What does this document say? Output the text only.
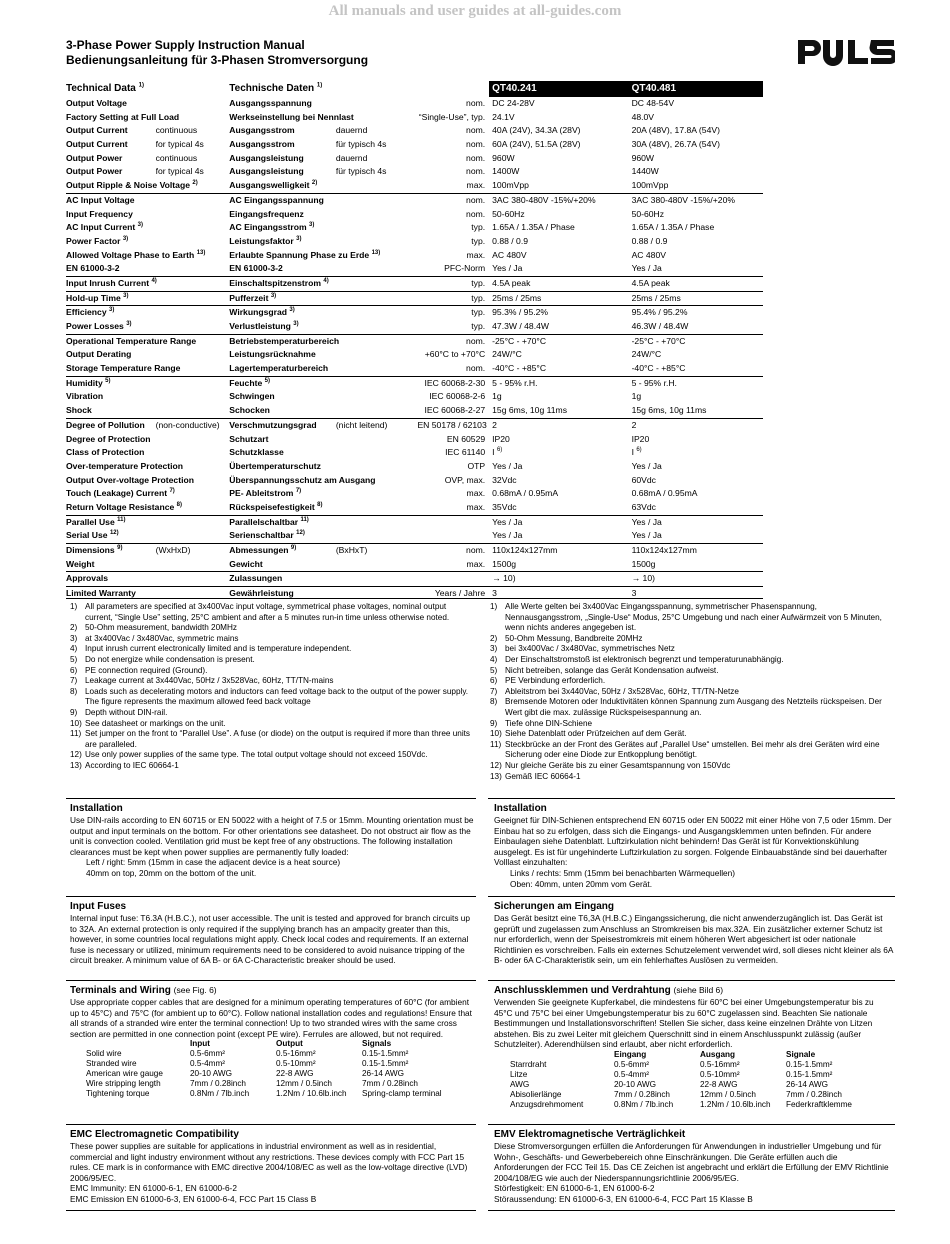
All manuals and user guides at all-guides.com
3-Phase Power Supply Instruction Manual
Bedienungsanleitung für 3-Phasen Stromversorgung
Technical Data $^{1)}$	Technische Daten $^{1)}$	QT40.241	QT40.481
Output Voltage	Ausgangsspannung	nom. DC 24-28V	DC 48-54V
Factory Setting at Full Load	Werkseinstellung bei Nennlast	“Single-Use”, typ. 24.1V	48.0V
Output Current	continuous	Ausgangsstrom	dauernd	nom. 40A (24V), 34.3A (28V)	20A (48V), 17.8A (54V)
Output Current	for typical 4s	Ausgangsstrom	für typisch 4s	nom. 60A (24V), 51.5A (28V)	30A (48V), 26.7A (54V)
Output Power	continuous	Ausgangsleistung	dauernd	nom. 960W	960W
Output Power	for typical 4s	Ausgangsleistung	für typisch 4s	nom. 1400W	1440W
Output Ripple & Noise Voltage $^{2)}$	Ausgangswelligkeit $^{2)}$	max. 100mVpp	100mVpp
AC Input Voltage	AC Eingangsspannung	nom. 3AC 380-480V -15%/+20%	3AC 380-480V -15%/+20%
Input Frequency	Eingangsfrequenz	nom. 50-60Hz	50-60Hz
AC Input Current $^{3)}$	AC Eingangsstrom $^{3)}$	typ. 1.65A / 1.35A / Phase	1.65A / 1.35A / Phase
Power Factor $^{3)}$	Leistungsfaktor $^{3)}$	typ. 0.88 / 0.9	0.88 / 0.9
Allowed Voltage Phase to Earth $^{13)}$	Erlaubte Spannung Phase zu Erde $^{13)}$	max. AC 480V	AC 480V
EN 61000-3-2	EN 61000-3-2	PFC-Norm Yes / Ja	Yes / Ja
Input Inrush Current $^{4)}$	Einschaltspitzenstrom $^{4)}$	typ. 4.5A peak	4.5A peak
Hold-up Time $^{3)}$	Pufferzeit $^{3)}$	typ. 25ms / 25ms	25ms / 25ms
Efficiency $^{3)}$	Wirkungsgrad $^{3)}$	typ. 95.3% / 95.2%	95.4% / 95.2%
Power Losses $^{3)}$	Verlustleistung $^{3)}$	typ. 47.3W / 48.4W	46.3W / 48.4W
Operational Temperature Range	Betriebstemperaturbereich	nom. -25°C - +70°C	-25°C - +70°C
Output Derating	Leistungsrücknahme	+60°C to +70°C 24W/°C	24W/°C
Storage Temperature Range	Lagertemperaturbereich	nom. -40°C - +85°C	-40°C - +85°C
Humidity $^{5)}$	Feuchte $^{5)}$	IEC 60068-2-30 5 - 95% r.H.	5 - 95% r.H.
Vibration	Schwingen	IEC 60068-2-6 1g	1g
Shock	Schocken	IEC 60068-2-27 15g 6ms, 10g 11ms	15g 6ms, 10g 11ms
Degree of Pollution	(non-conductive)	Verschmutzungsgrad	(nicht leitend)	EN 50178 / 62103 2	2
Degree of Protection	Schutzart	EN 60529 IP20	IP20
Class of Protection	Schutzklasse	IEC 61140 I $^{6)}$	I $^{6)}$
Over-temperature Protection	Übertemperaturschutz	OTP Yes / Ja	Yes / Ja
Output Over-voltage Protection	Überspannungsschutz am Ausgang	OVP, max. 32Vdc	60Vdc
Touch (Leakage) Current $^{7)}$	PE- Ableitstrom $^{7)}$	max. 0.68mA / 0.95mA	0.68mA / 0.95mA
Return Voltage Resistance $^{8)}$	Rückspeisefestigkeit $^{8)}$	max. 35Vdc	63Vdc
Parallel Use $^{11)}$	Parallelschaltbar $^{11)}$	Yes / Ja	Yes / Ja
Serial Use $^{12)}$	Serienschaltbar $^{12)}$	Yes / Ja	Yes / Ja
Dimensions $^{9)}$	(WxHxD)	Abmessungen $^{9)}$	(BxHxT)	nom. 110x124x127mm	110x124x127mm
Weight	Gewicht	max. 1500g	1500g
Approvals	Zulassungen	→ 10)	→ 10)
Limited Warranty	Gewährleistung	Years / Jahre 3	3
1) All parameters are specified at 3x400Vac input voltage, symmetrical phase voltages, nominal output current, “Single Use” setting, 25°C ambient and after a 5 minutes run-in time unless otherwise noted.
2) 50-Ohm measurement, bandwidth 20MHz
3) at 3x400Vac / 3x480Vac, symmetric mains
4) Input inrush current electronically limited and is temperature independent.
5) Do not energize while condensation is present.
6) PE connection required (Ground).
7) Leakage current at 3x440Vac, 50Hz / 3x528Vac, 60Hz, TT/TN-mains
8) Loads such as decelerating motors and inductors can feed voltage back to the output of the power supply. The figure represents the maximum allowed feed back voltage
9) Depth without DIN-rail.
10) See datasheet or markings on the unit.
11) Set jumper on the front to “Parallel Use”. A fuse (or diode) on the output is required if more than three units are paralleled.
12) Use only power supplies of the same type. The total output voltage should not exceed 150Vdc.
13) According to IEC 60664-1
1) Alle Werte gelten bei 3x400Vac Eingangsspannung, symmetrischer Phasenspannung, Nennausgangsstrom, „Single-Use“ Modus, 25°C Umgebung und nach einer Aufwärmzeit von 5 Minuten, wenn nichts anderes angegeben ist.
2) 50-Ohm Messung, Bandbreite 20MHz
3) bei 3x400Vac / 3x480Vac, symmetrisches Netz
4) Der Einschaltstromstoß ist elektronisch begrenzt und temperaturunabhängig.
5) Nicht betreiben, solange das Gerät Kondensation aufweist.
6) PE Verbindung erforderlich.
7) Ableitstrom bei 3x440Vac, 50Hz / 3x528Vac, 60Hz, TT/TN-Netze
8) Bremsende Motoren oder Induktivitäten können Spannung zum Ausgang des Netzteils rückspeisen. Der Wert gibt die max. zulässige Rückspeisespannung an.
9) Tiefe ohne DIN-Schiene
10) Siehe Datenblatt oder Prüfzeichen auf dem Gerät.
11) Steckbrücke an der Front des Gerätes auf „Parallel Use“ umstellen. Bei mehr als drei Geräten wird eine Sicherung oder eine Diode zur Entkopplung benötigt.
12) Nur gleiche Geräte bis zu einer Gesamtspannung von 150Vdc
13) Gemäß IEC 60664-1
Installation

Use DIN-rails according to EN 60715 or EN 50022 with a height of 7.5 or 15mm. Mounting orientation must be output and input terminals on the bottom. For other orientations see datasheet. Do not obstruct air flow as the unit is convection cooled. Ventilation grid must be kept free of any obstructions. The following installation clearances must be kept when power supplies are permanently fully loaded:

Left / right: 5mm (15mm in case the adjacent device is a heat source)

40mm on top, 20mm on the bottom of the unit.

Installation

Geeignet für DIN-Schienen entsprechend EN 60715 oder EN 50022 mit einer Höhe von 7,5 oder 15mm. Der Einbau hat so zu erfolgen, dass sich die Eingangs- und Ausgangsklemmen unten befinden. Für andere Einbaulagen siehe Datenblatt. Luftzirkulation nicht behindern! Das Gerät ist für Konvektionskühlung ausgelegt. Es ist für ungehinderte Luftzirkulation zu sorgen. Folgende Einbauabstände sind bei dauerhafter Volllast einzuhalten:

Links / rechts: 5mm (15mm bei benachbarten Wärmequellen)

Oben: 40mm, unten 20mm vom Gerät.

Input Fuses

Internal input fuse: T6.3A (H.B.C.), not user accessible. The unit is tested and approved for branch circuits up to 32A. An external protection is only required if the supplying branch has an ampacity greater than this, however, in some countries local regulations might apply. Check local codes and requirements. If an external fuse is necessary or utilized, minimum requirements need to be considered to avoid nuisance tripping of the circuit breaker. A minimum value of 6A B- or 6A C-Characteristic breaker should be used.

Sicherungen am Eingang

Das Gerät besitzt eine T6,3A (H.B.C.) Eingangssicherung, die nicht anwenderzugänglich ist. Das Gerät ist geprüft und zugelassen zum Anschluss an Stromkreisen bis max.32A. Ein zusätzlicher externer Schutz ist nur erforderlich, wenn der Speisestromkreis mit einem höheren Wert abgesichert ist oder nationale Richtlinien es vorschreiben. Falls ein externes Schutzelement verwendet wird, soll dieses nicht kleiner als 6A B- oder 6A C-Charakteristik sein, um ein fehlerhaftes Auslösen zu vermeiden.

Terminals and Wiring (see Fig. 6)

Use appropriate copper cables that are designed for a minimum operating temperatures of 60°C (for ambient up to 45°C) and 75°C (for ambient up to 60°C). Follow national installation codes and regulations! Ensure that all strands of a stranded wire enter the terminal connection! Up to two stranded wires with the same cross section are permitted in one connection point (except PE wire). Ferrules are allowed, but not required.

	Input	Output	Signals
Solid wire	0.5-6mm²	0.5-16mm²	0.15-1.5mm²
Stranded wire	0.5-4mm²	0.5-10mm²	0.15-1.5mm²
American wire gauge	20-10 AWG	22-8 AWG	26-14 AWG
Wire stripping length	7mm / 0.28inch	12mm / 0.5inch	7mm / 0.28inch
Tightening torque	0.8Nm / 7lb.inch	1.2Nm / 10.6lb.inch	Spring-clamp terminal
Anschlussklemmen und Verdrahtung (siehe Bild 6)

Verwenden Sie geeignete Kupferkabel, die mindestens für 60°C bei einer Umgebungstemperatur bis zu 45°C und 75°C bei einer Umgebungstemperatur bis zu 60°C zugelassen sind. Beachten Sie nationale Bestimmungen und Installationsvorschriften! Stellen Sie sicher, dass keine einzelnen Drähte von Litzen abstehen. Bis zu zwei Leiter mit gleichem Querschnitt sind in einem Anschlusspunkt zulässig (außer Schutzleiter). Aderendhülsen sind erlaubt, aber nicht erforderlich.

	Eingang	Ausgang	Signale
Starrdraht	0.5-6mm²	0.5-16mm²	0.15-1.5mm²
Litze	0.5-4mm²	0.5-10mm²	0.15-1.5mm²
AWG	20-10 AWG	22-8 AWG	26-14 AWG
Abisolierlänge	7mm / 0.28inch	12mm / 0.5inch	7mm / 0.28inch
Anzugsdrehmoment	0.8Nm / 7lb.inch	1.2Nm / 10.6lb.inch	Federkraftklemme
EMC Electromagnetic Compatibility

These power supplies are suitable for applications in industrial environment as well as in residential, commercial and light industry environment without any restrictions. These devices comply with FCC Part 15 rules. CE mark is in conformance with EMC directive 2004/108/EC as well as the low-voltage directive (LVD) 2006/95/EC.

EMC Immunity: EN 61000-6-1, EN 61000-6-2

EMC Emission EN 61000-6-3, EN 61000-6-4, FCC Part 15 Class B

EMV Elektromagnetische Verträglichkeit

Diese Stromversorgungen erfüllen die Anforderungen für Anwendungen in industrieller Umgebung und für Wohn-, Geschäfts- und Gewerbebereich ohne Einschränkungen. Die Geräte erfüllen auch die Anforderungen der FCC Teil 15. Das CE Zeichen ist angebracht und erklärt die Erfüllung der EMV Richtlinie 2004/108/EG wie auch der Niederspannungsrichtlinie 2006/95/EG.

Störfestigkeit: EN 61000-6-1, EN 61000-6-2

Störaussendung: EN 61000-6-3, EN 61000-6-4, FCC Part 15 Klasse B
